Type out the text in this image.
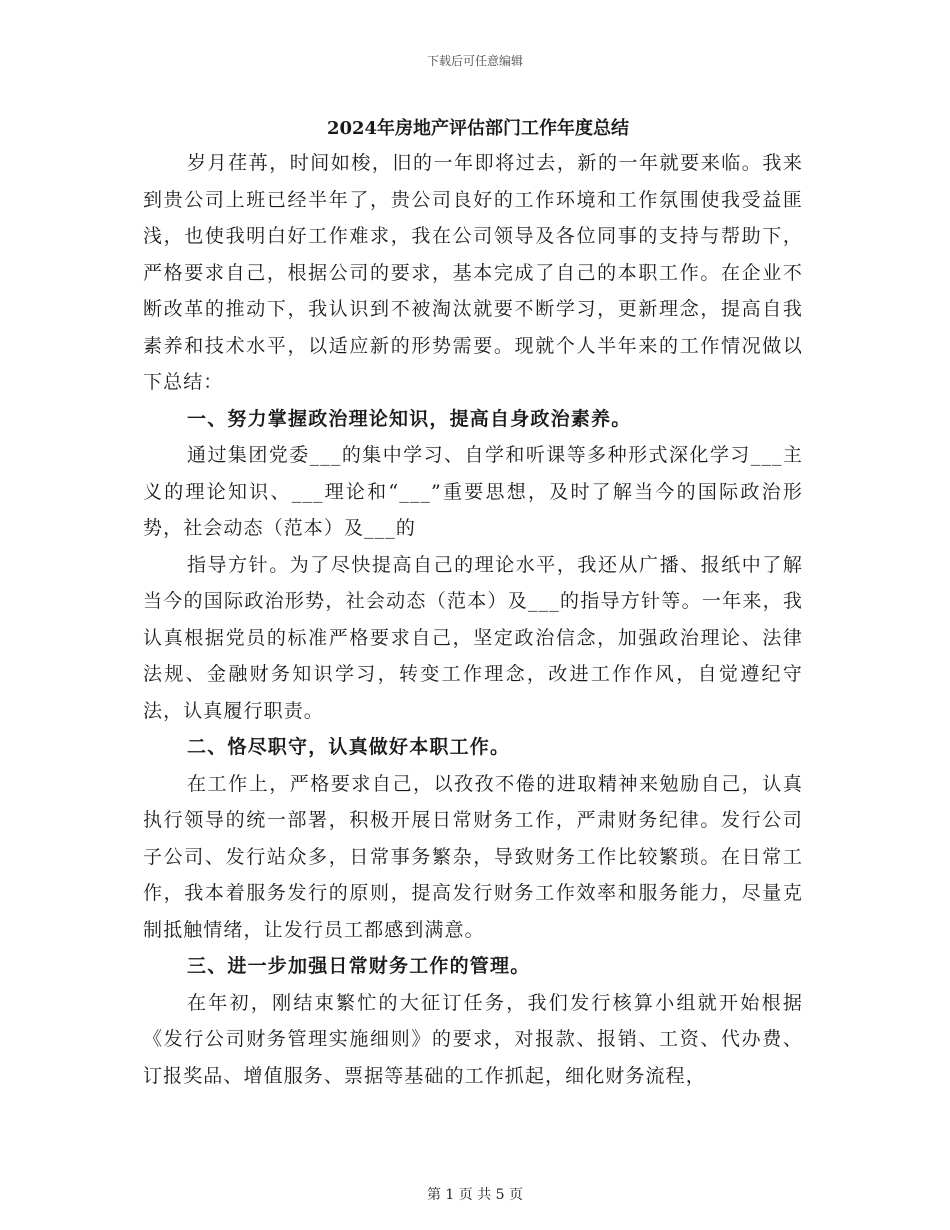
下载后可任意编辑
2024年房地产评估部门工作年度总结

岁月荏苒，时间如梭，旧的一年即将过去，新的一年就要来临。我来到贵公司上班已经半年了，贵公司良好的工作环境和工作氛围使我受益匪浅，也使我明白好工作难求，我在公司领导及各位同事的支持与帮助下，严格要求自己，根据公司的要求，基本完成了自己的本职工作。在企业不断改革的推动下，我认识到不被淘汰就要不断学习，更新理念，提高自我素养和技术水平，以适应新的形势需要。现就个人半年来的工作情况做以下总结：

一、努力掌握政治理论知识，提高自身政治素养。

通过集团党委___的集中学习、自学和听课等多种形式深化学习___主义的理论知识、___理论和“___”重要思想，及时了解当今的国际政治形势，社会动态（范本）及___的

指导方针。为了尽快提高自己的理论水平，我还从广播、报纸中了解当今的国际政治形势，社会动态（范本）及___的指导方针等。一年来，我认真根据党员的标准严格要求自己，坚定政治信念，加强政治理论、法律法规、金融财务知识学习，转变工作理念，改进工作作风，自觉遵纪守法，认真履行职责。

二、恪尽职守，认真做好本职工作。

在工作上，严格要求自己，以孜孜不倦的进取精神来勉励自己，认真执行领导的统一部署，积极开展日常财务工作，严肃财务纪律。发行公司子公司、发行站众多，日常事务繁杂，导致财务工作比较繁琐。在日常工作，我本着服务发行的原则，提高发行财务工作效率和服务能力，尽量克制抵触情绪，让发行员工都感到满意。

三、进一步加强日常财务工作的管理。

在年初，刚结束繁忙的大征订任务，我们发行核算小组就开始根据《发行公司财务管理实施细则》的要求，对报款、报销、工资、代办费、订报奖品、增值服务、票据等基础的工作抓起，细化财务流程，

第 1 页 共 5 页
